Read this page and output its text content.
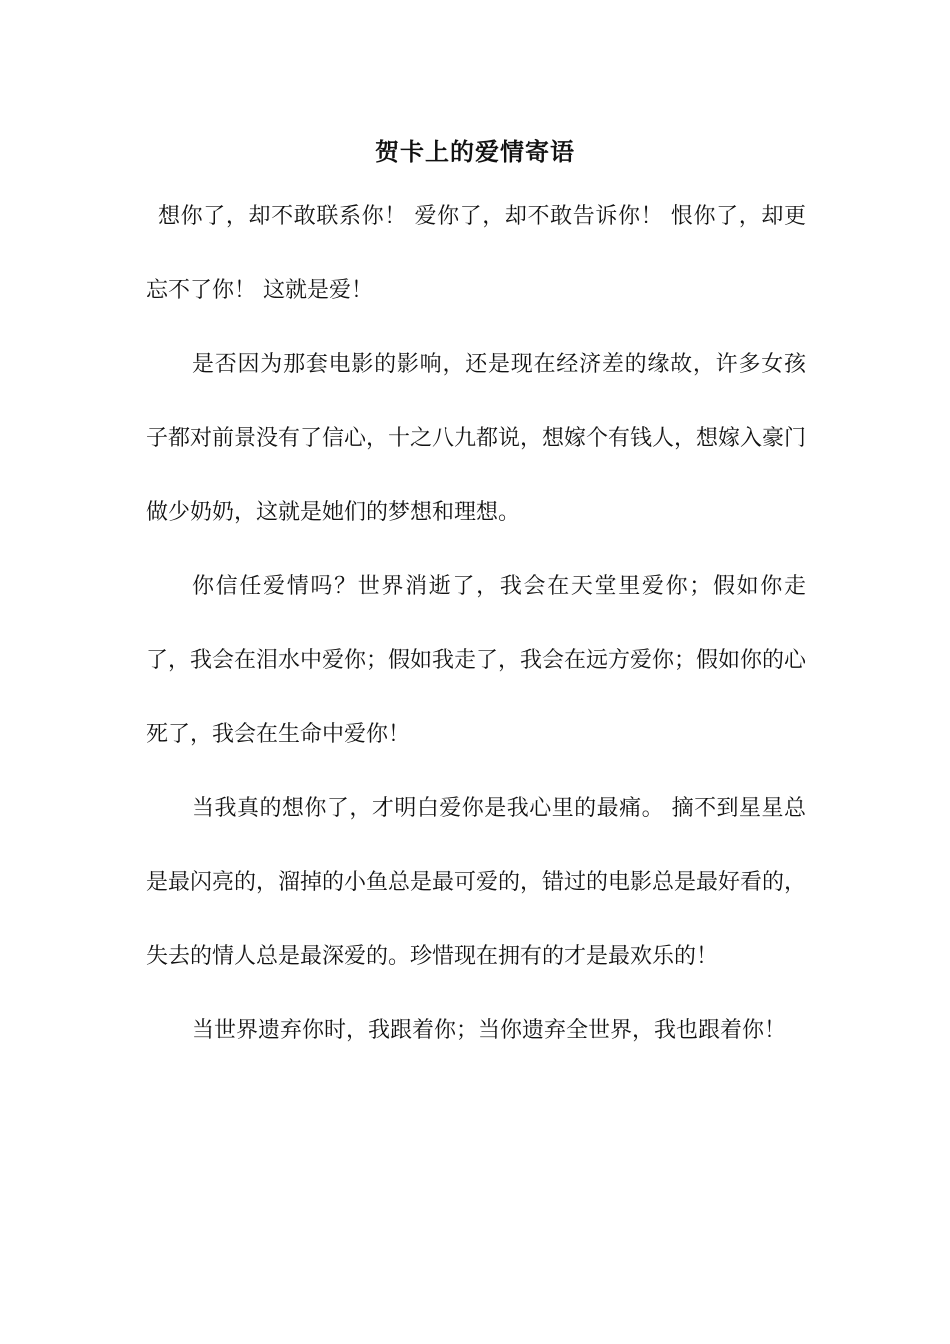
贺卡上的爱情寄语

想你了，却不敢联系你！ 爱你了，却不敢告诉你！ 恨你了，却更忘不了你！ 这就是爱！

是否因为那套电影的影响，还是现在经济差的缘故，许多女孩子都对前景没有了信心，十之八九都说，想嫁个有钱人，想嫁入豪门做少奶奶，这就是她们的梦想和理想。

你信任爱情吗？世界消逝了，我会在天堂里爱你；假如你走了，我会在泪水中爱你；假如我走了，我会在远方爱你；假如你的心死了，我会在生命中爱你！

当我真的想你了，才明白爱你是我心里的最痛。 摘不到星星总是最闪亮的，溜掉的小鱼总是最可爱的，错过的电影总是最好看的，失去的情人总是最深爱的。珍惜现在拥有的才是最欢乐的！

当世界遗弃你时，我跟着你；当你遗弃全世界，我也跟着你！
